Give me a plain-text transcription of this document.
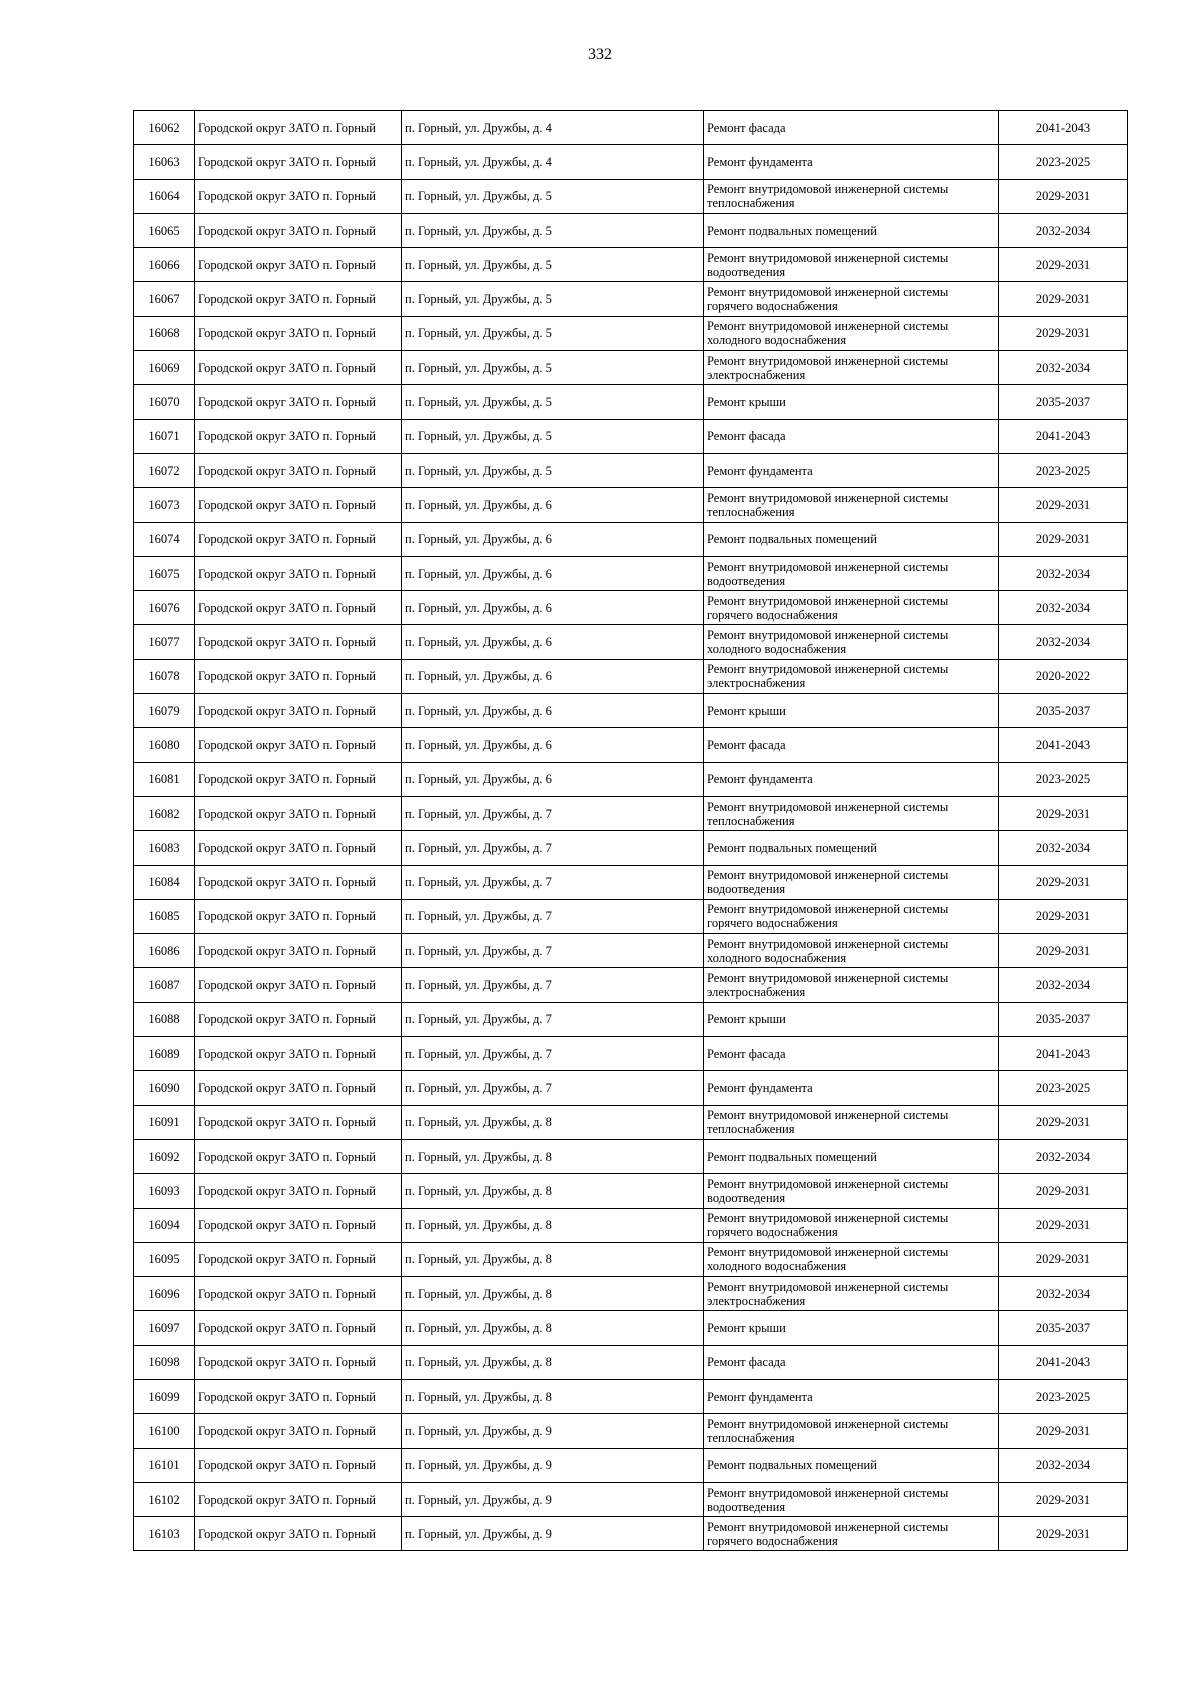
332
16062	Городской округ ЗАТО п. Горный	п. Горный, ул. Дружбы, д. 4	Ремонт фасада	2041-2043
16063	Городской округ ЗАТО п. Горный	п. Горный, ул. Дружбы, д. 4	Ремонт фундамента	2023-2025
16064	Городской округ ЗАТО п. Горный	п. Горный, ул. Дружбы, д. 5	Ремонт внутридомовой инженерной системы теплоснабжения	2029-2031
16065	Городской округ ЗАТО п. Горный	п. Горный, ул. Дружбы, д. 5	Ремонт подвальных помещений	2032-2034
16066	Городской округ ЗАТО п. Горный	п. Горный, ул. Дружбы, д. 5	Ремонт внутридомовой инженерной системы водоотведения	2029-2031
16067	Городской округ ЗАТО п. Горный	п. Горный, ул. Дружбы, д. 5	Ремонт внутридомовой инженерной системы горячего водоснабжения	2029-2031
16068	Городской округ ЗАТО п. Горный	п. Горный, ул. Дружбы, д. 5	Ремонт внутридомовой инженерной системы холодного водоснабжения	2029-2031
16069	Городской округ ЗАТО п. Горный	п. Горный, ул. Дружбы, д. 5	Ремонт внутридомовой инженерной системы электроснабжения	2032-2034
16070	Городской округ ЗАТО п. Горный	п. Горный, ул. Дружбы, д. 5	Ремонт крыши	2035-2037
16071	Городской округ ЗАТО п. Горный	п. Горный, ул. Дружбы, д. 5	Ремонт фасада	2041-2043
16072	Городской округ ЗАТО п. Горный	п. Горный, ул. Дружбы, д. 5	Ремонт фундамента	2023-2025
16073	Городской округ ЗАТО п. Горный	п. Горный, ул. Дружбы, д. 6	Ремонт внутридомовой инженерной системы теплоснабжения	2029-2031
16074	Городской округ ЗАТО п. Горный	п. Горный, ул. Дружбы, д. 6	Ремонт подвальных помещений	2029-2031
16075	Городской округ ЗАТО п. Горный	п. Горный, ул. Дружбы, д. 6	Ремонт внутридомовой инженерной системы водоотведения	2032-2034
16076	Городской округ ЗАТО п. Горный	п. Горный, ул. Дружбы, д. 6	Ремонт внутридомовой инженерной системы горячего водоснабжения	2032-2034
16077	Городской округ ЗАТО п. Горный	п. Горный, ул. Дружбы, д. 6	Ремонт внутридомовой инженерной системы холодного водоснабжения	2032-2034
16078	Городской округ ЗАТО п. Горный	п. Горный, ул. Дружбы, д. 6	Ремонт внутридомовой инженерной системы электроснабжения	2020-2022
16079	Городской округ ЗАТО п. Горный	п. Горный, ул. Дружбы, д. 6	Ремонт крыши	2035-2037
16080	Городской округ ЗАТО п. Горный	п. Горный, ул. Дружбы, д. 6	Ремонт фасада	2041-2043
16081	Городской округ ЗАТО п. Горный	п. Горный, ул. Дружбы, д. 6	Ремонт фундамента	2023-2025
16082	Городской округ ЗАТО п. Горный	п. Горный, ул. Дружбы, д. 7	Ремонт внутридомовой инженерной системы теплоснабжения	2029-2031
16083	Городской округ ЗАТО п. Горный	п. Горный, ул. Дружбы, д. 7	Ремонт подвальных помещений	2032-2034
16084	Городской округ ЗАТО п. Горный	п. Горный, ул. Дружбы, д. 7	Ремонт внутридомовой инженерной системы водоотведения	2029-2031
16085	Городской округ ЗАТО п. Горный	п. Горный, ул. Дружбы, д. 7	Ремонт внутридомовой инженерной системы горячего водоснабжения	2029-2031
16086	Городской округ ЗАТО п. Горный	п. Горный, ул. Дружбы, д. 7	Ремонт внутридомовой инженерной системы холодного водоснабжения	2029-2031
16087	Городской округ ЗАТО п. Горный	п. Горный, ул. Дружбы, д. 7	Ремонт внутридомовой инженерной системы электроснабжения	2032-2034
16088	Городской округ ЗАТО п. Горный	п. Горный, ул. Дружбы, д. 7	Ремонт крыши	2035-2037
16089	Городской округ ЗАТО п. Горный	п. Горный, ул. Дружбы, д. 7	Ремонт фасада	2041-2043
16090	Городской округ ЗАТО п. Горный	п. Горный, ул. Дружбы, д. 7	Ремонт фундамента	2023-2025
16091	Городской округ ЗАТО п. Горный	п. Горный, ул. Дружбы, д. 8	Ремонт внутридомовой инженерной системы теплоснабжения	2029-2031
16092	Городской округ ЗАТО п. Горный	п. Горный, ул. Дружбы, д. 8	Ремонт подвальных помещений	2032-2034
16093	Городской округ ЗАТО п. Горный	п. Горный, ул. Дружбы, д. 8	Ремонт внутридомовой инженерной системы водоотведения	2029-2031
16094	Городской округ ЗАТО п. Горный	п. Горный, ул. Дружбы, д. 8	Ремонт внутридомовой инженерной системы горячего водоснабжения	2029-2031
16095	Городской округ ЗАТО п. Горный	п. Горный, ул. Дружбы, д. 8	Ремонт внутридомовой инженерной системы холодного водоснабжения	2029-2031
16096	Городской округ ЗАТО п. Горный	п. Горный, ул. Дружбы, д. 8	Ремонт внутридомовой инженерной системы электроснабжения	2032-2034
16097	Городской округ ЗАТО п. Горный	п. Горный, ул. Дружбы, д. 8	Ремонт крыши	2035-2037
16098	Городской округ ЗАТО п. Горный	п. Горный, ул. Дружбы, д. 8	Ремонт фасада	2041-2043
16099	Городской округ ЗАТО п. Горный	п. Горный, ул. Дружбы, д. 8	Ремонт фундамента	2023-2025
16100	Городской округ ЗАТО п. Горный	п. Горный, ул. Дружбы, д. 9	Ремонт внутридомовой инженерной системы теплоснабжения	2029-2031
16101	Городской округ ЗАТО п. Горный	п. Горный, ул. Дружбы, д. 9	Ремонт подвальных помещений	2032-2034
16102	Городской округ ЗАТО п. Горный	п. Горный, ул. Дружбы, д. 9	Ремонт внутридомовой инженерной системы водоотведения	2029-2031
16103	Городской округ ЗАТО п. Горный	п. Горный, ул. Дружбы, д. 9	Ремонт внутридомовой инженерной системы горячего водоснабжения	2029-2031
